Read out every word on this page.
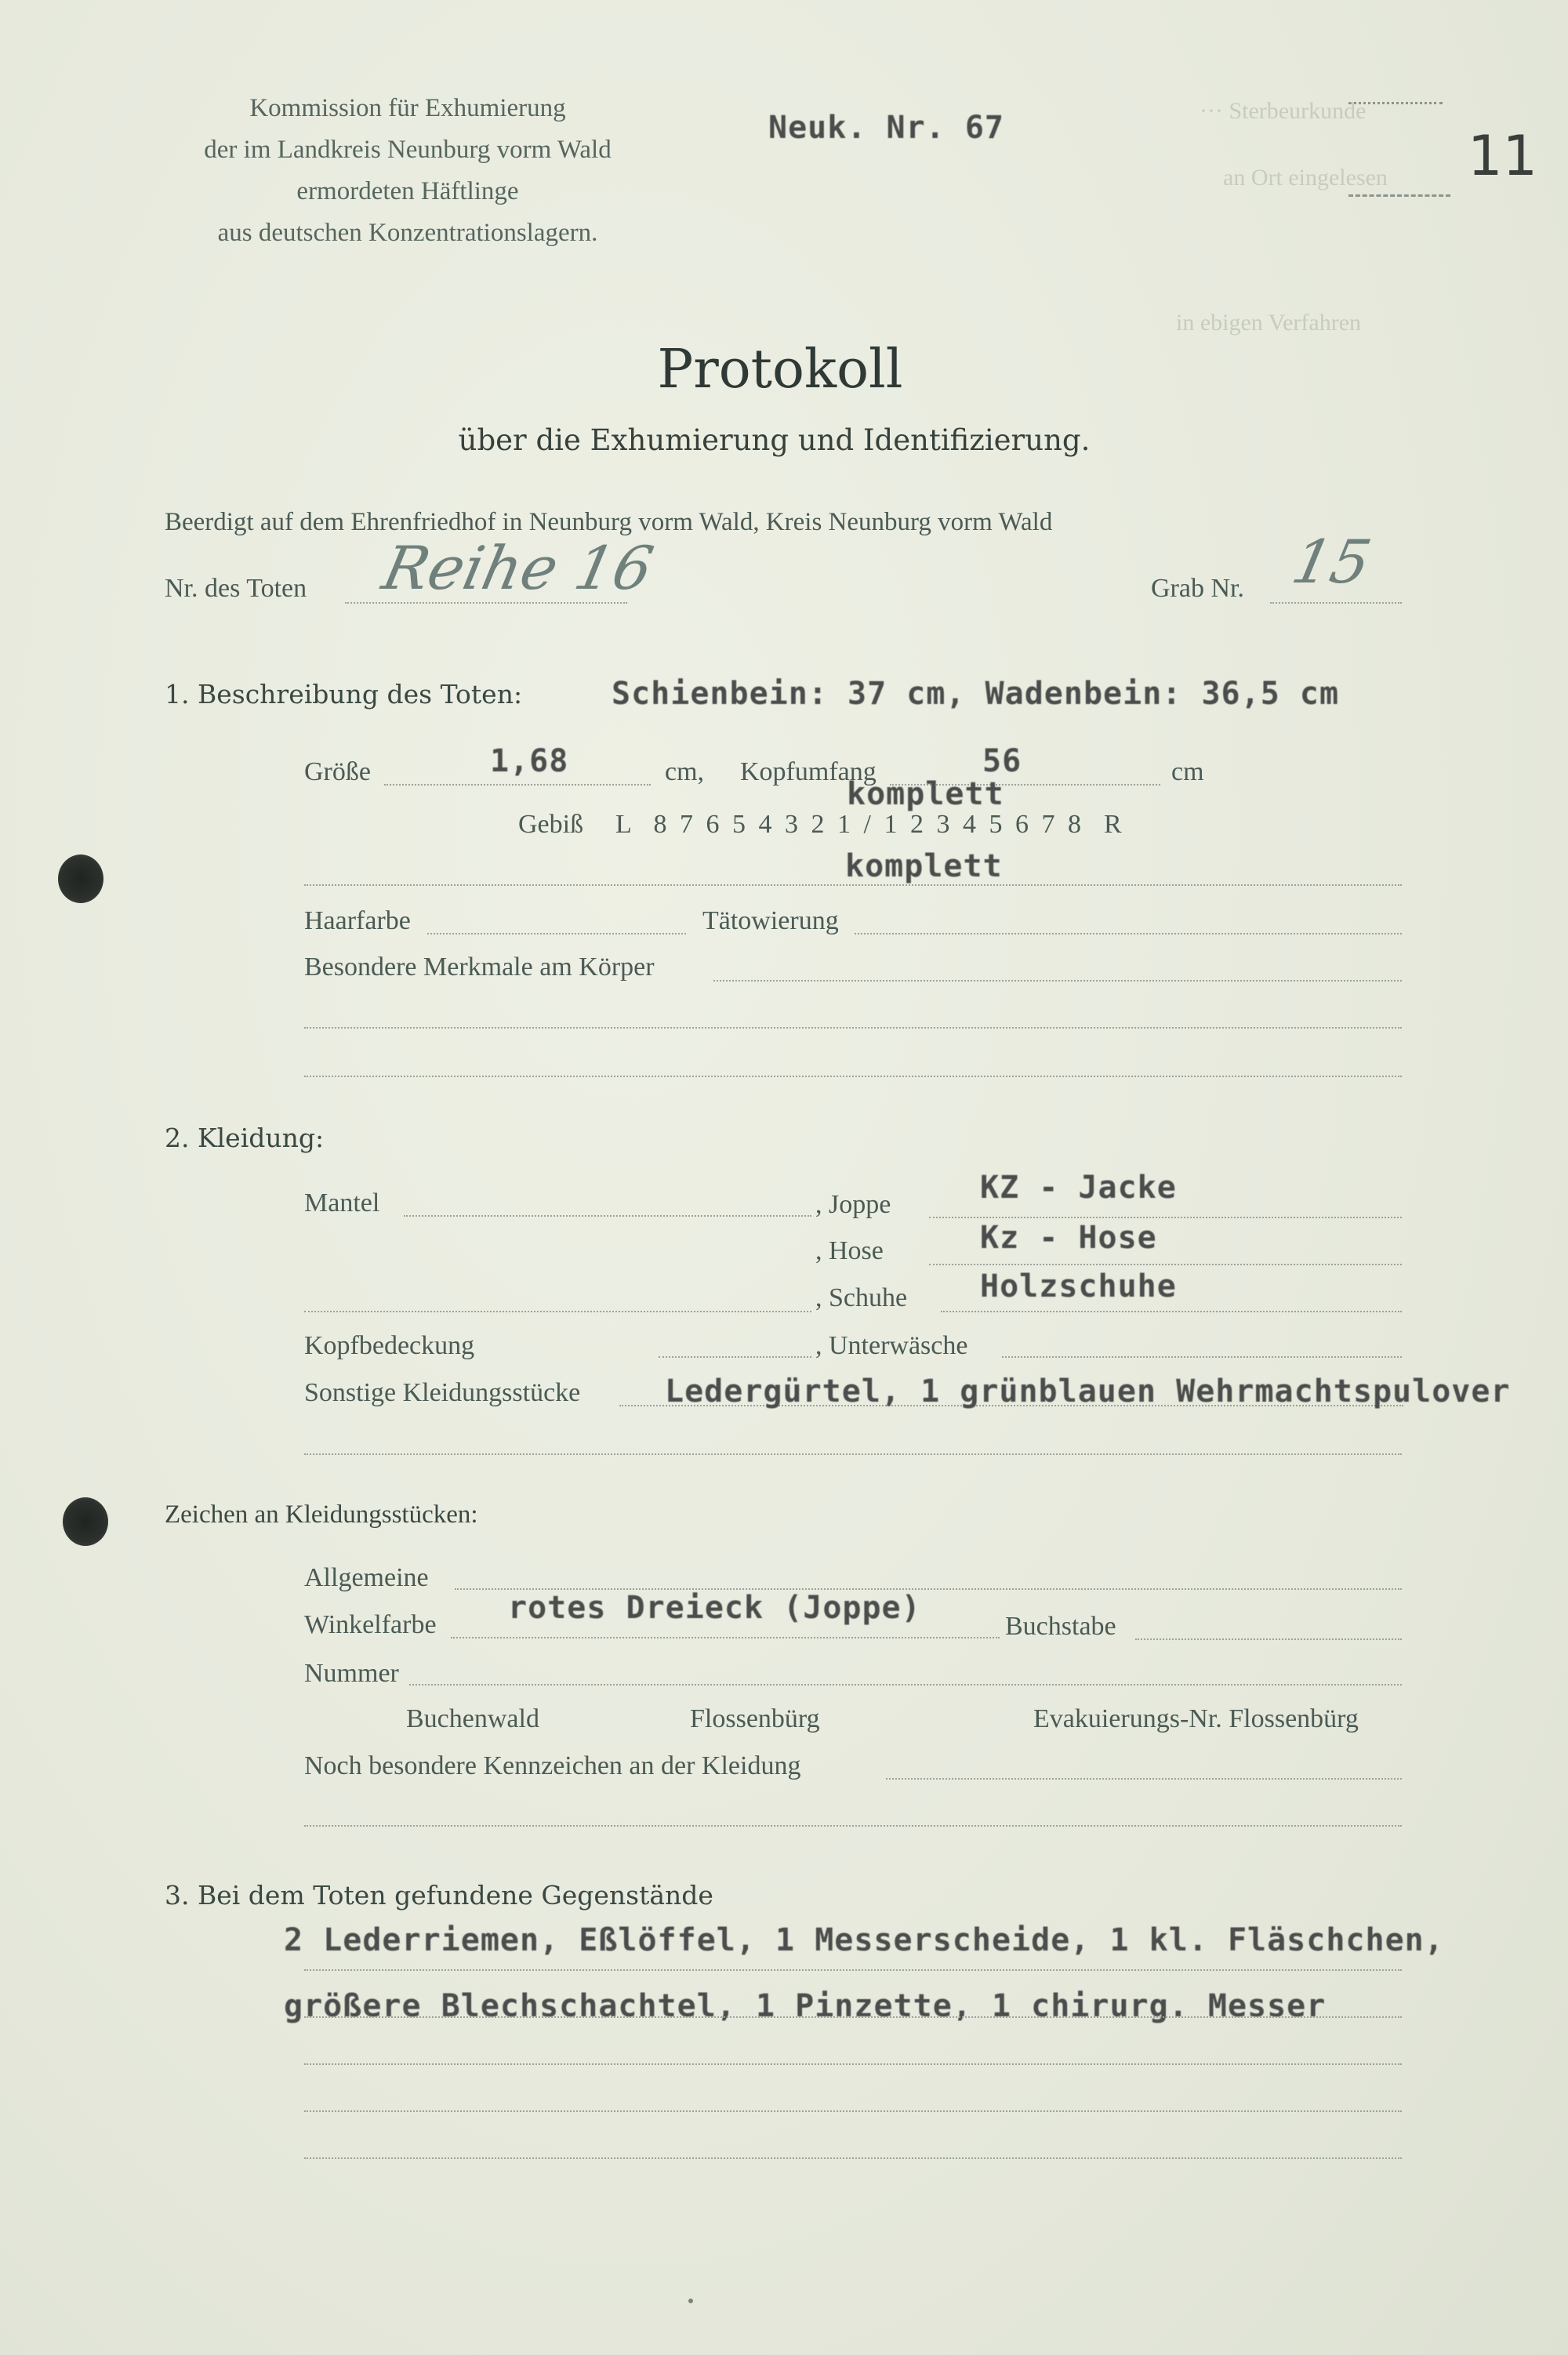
Kommission für Exhumierung
der im Landkreis Neunburg vorm Wald
ermordeten Häftlinge
aus deutschen Konzentrationslagern.
Neuk. Nr. 67	11
··· Sterbeurkunde
an Ort eingelesen
in ebigen Verfahren
Protokoll
über die Exhumierung und Identifizierung.
Beerdigt auf dem Ehrenfriedhof in Neunburg vorm Wald, Kreis Neunburg vorm Wald
Nr. des Toten Reihe 16	Grab Nr. 15
1. Beschreibung des Toten:	Schienbein: 37 cm, Wadenbein: 36,5 cm
Größe	1,68	cm, Kopfumfang	56	cm
komplett
Gebiß L  8 7 6 5 4 3 2 1 / 1 2 3 4 5 6 7 8  R
komplett
Haarfarbe	Tätowierung
Besondere Merkmale am Körper
2. Kleidung:
Mantel	, Joppe	KZ - Jacke
, Hose	Kz - Hose
, Schuhe Holzschuhe
Kopfbedeckung	, Unterwäsche
Sonstige Kleidungsstücke	Ledergürtel, 1 grünblauen Wehrmachtspulover
Zeichen an Kleidungsstücken:
Allgemeine
Winkelfarbe rotes Dreieck (Joppe)
Buchstabe
Nummer
Buchenwald	Flossenbürg	Evakuierungs-Nr. Flossenbürg
Noch besondere Kennzeichen an der Kleidung
3. Bei dem Toten gefundene Gegenstände
2 Lederriemen, Eßlöffel, 1 Messerscheide, 1 kl. Fläschchen,
größere Blechschachtel, 1 Pinzette, 1 chirurg. Messer
